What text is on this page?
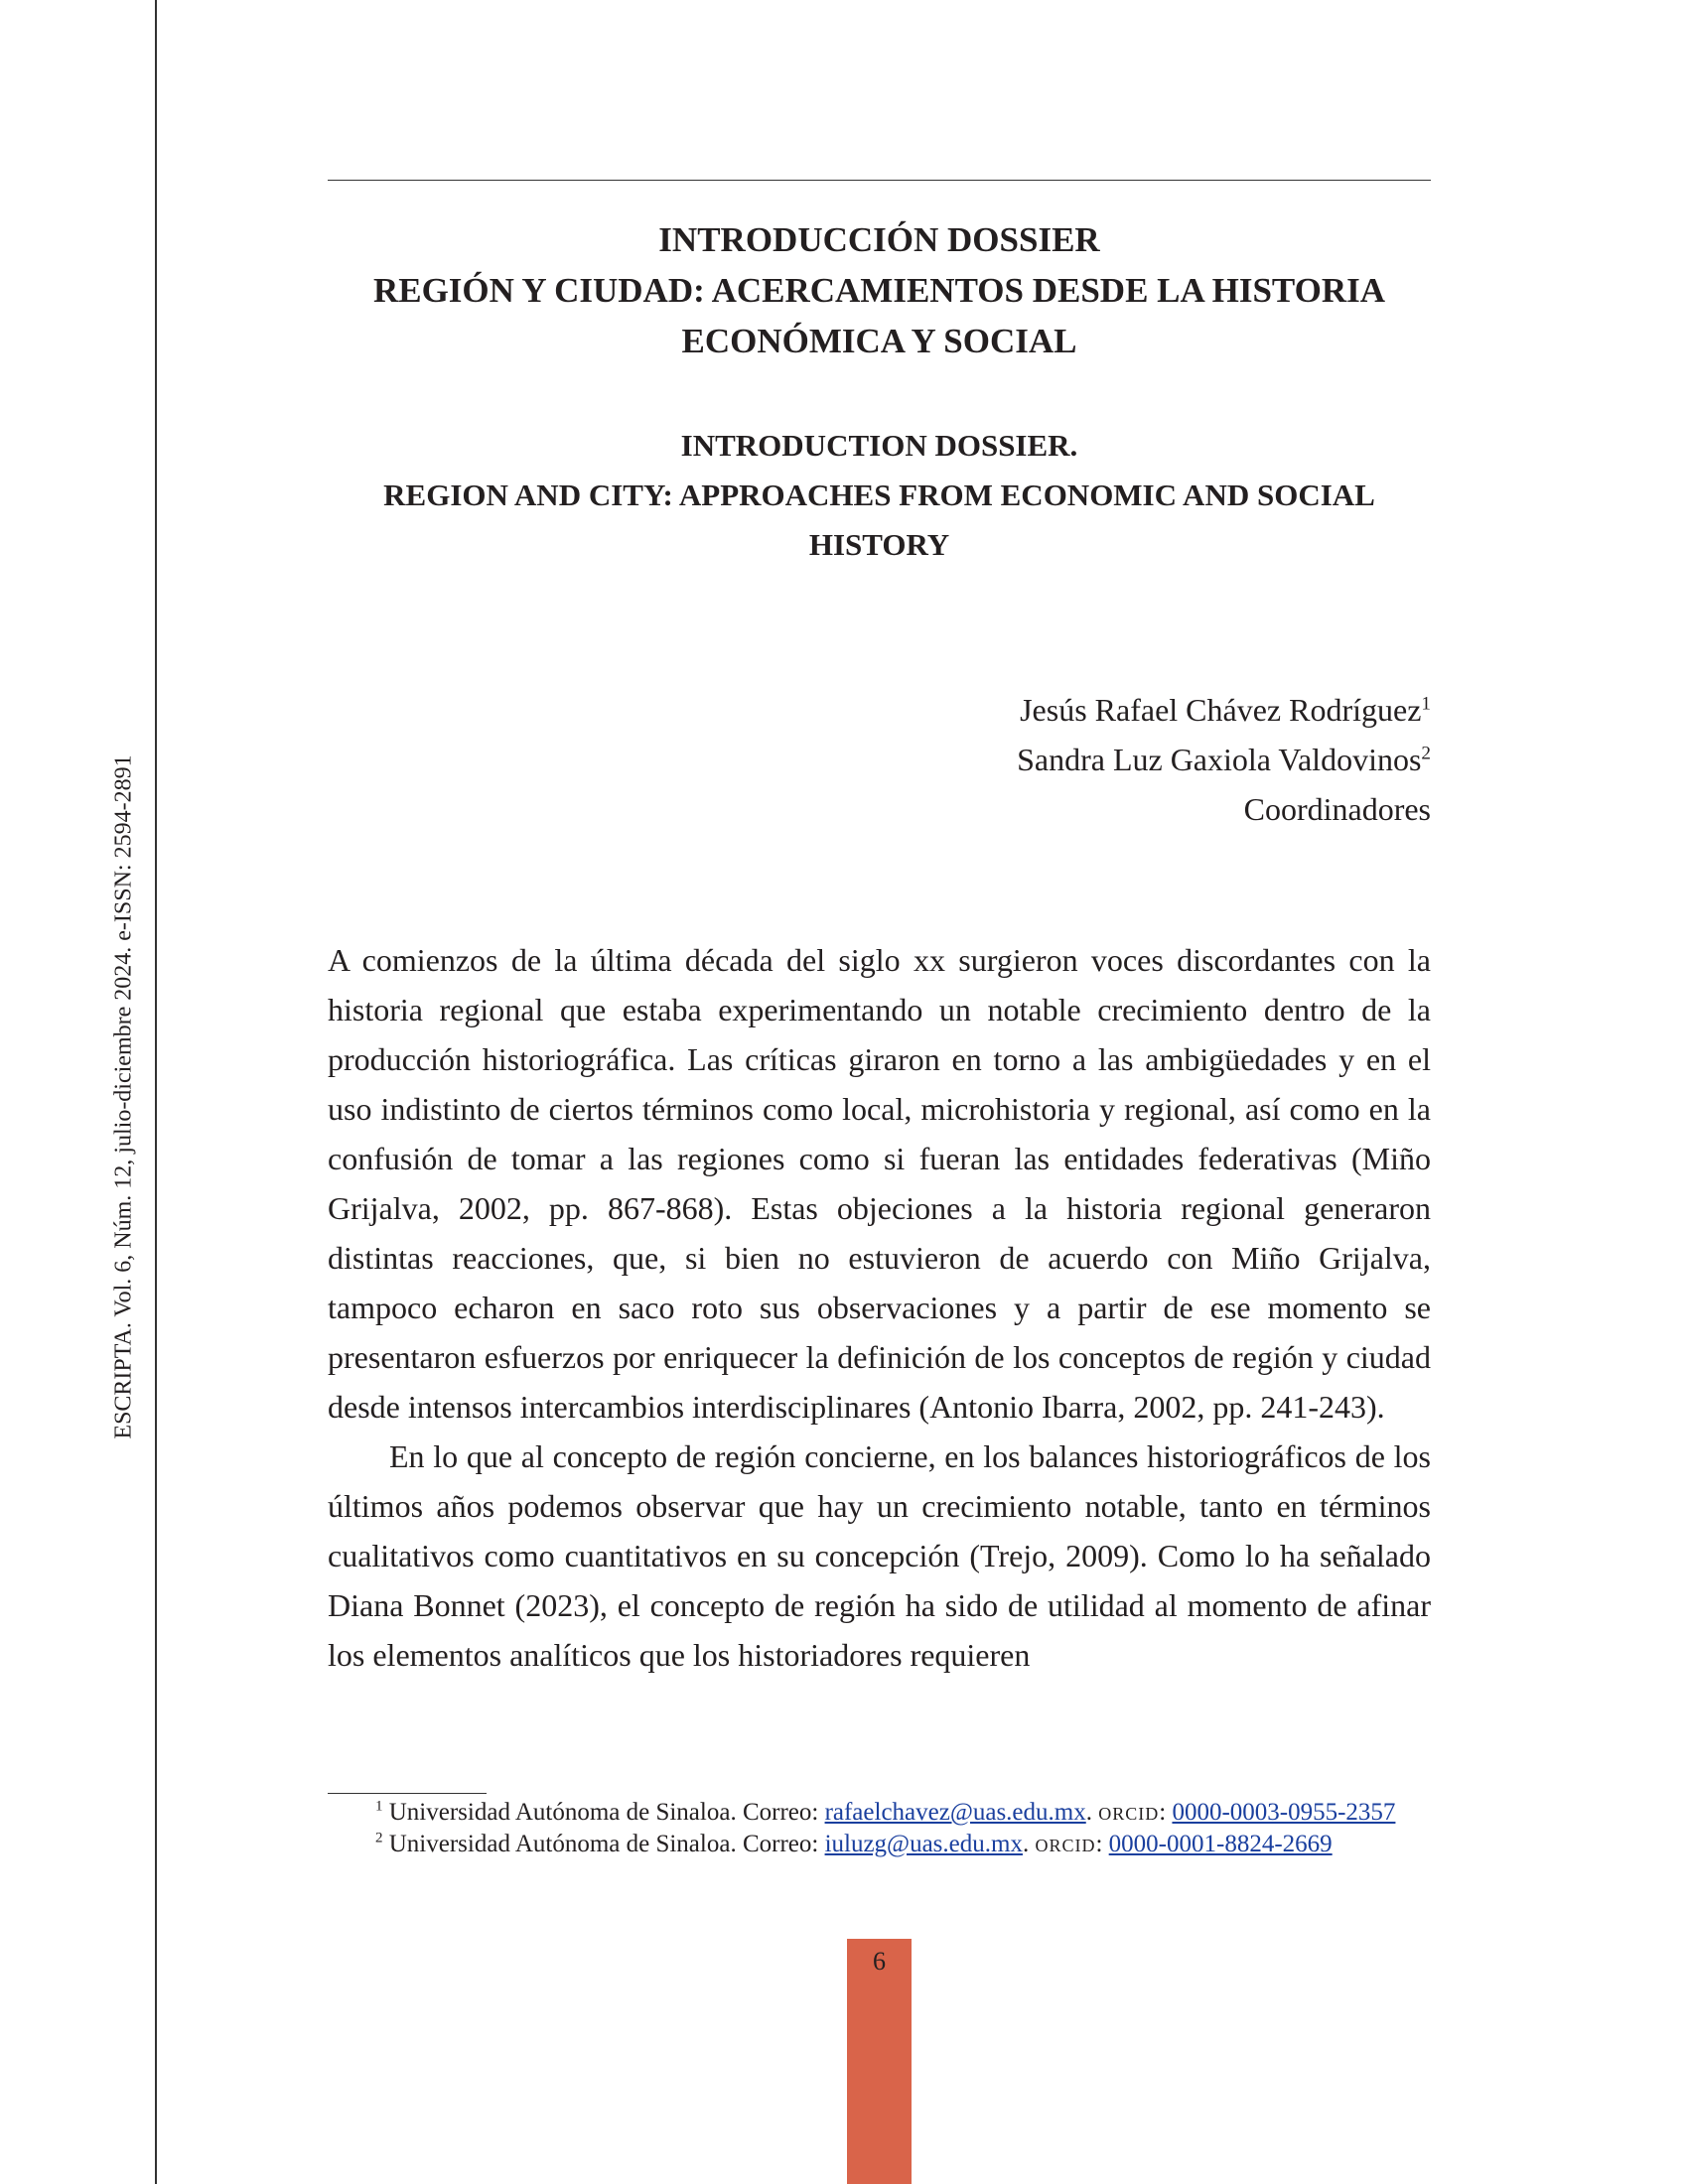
ESCRIPTA. Vol. 6, Núm. 12, julio-diciembre 2024. e-ISSN: 2594-2891
INTRODUCCIÓN DOSSIER
REGIÓN Y CIUDAD: ACERCAMIENTOS DESDE LA HISTORIA
ECONÓMICA Y SOCIAL
INTRODUCTION DOSSIER.
REGION AND CITY: APPROACHES FROM ECONOMIC AND SOCIAL
HISTORY
Jesús Rafael Chávez Rodríguez$^1$
Sandra Luz Gaxiola Valdovinos$^2$
Coordinadores

A comienzos de la última década del siglo xx surgieron voces discordantes con la historia regional que estaba experimentando un notable crecimiento dentro de la producción historiográfica. Las críticas giraron en torno a las ambigüedades y en el uso indistinto de ciertos términos como local, microhistoria y regional, así como en la confusión de tomar a las regiones como si fueran las entidades federativas (Miño Grijalva, 2002, pp. 867-868). Estas objeciones a la historia regional generaron distintas reacciones, que, si bien no estuvieron de acuerdo con Miño Grijalva, tampoco echaron en saco roto sus observaciones y a partir de ese momento se presentaron esfuerzos por enriquecer la definición de los conceptos de región y ciudad desde intensos intercambios interdisciplinares (Antonio Ibarra, 2002, pp. 241-243).

En lo que al concepto de región concierne, en los balances historiográficos de los últimos años podemos observar que hay un crecimiento notable, tanto en términos cualitativos como cuantitativos en su concepción (Trejo, 2009). Como lo ha señalado Diana Bonnet (2023), el concepto de región ha sido de utilidad al momento de afinar los elementos analíticos que los historiadores requieren

$^1$ Universidad Autónoma de Sinaloa. Correo: rafaelchavez@uas.edu.mx. orcid: 0000-0003-0955-2357
$^2$ Universidad Autónoma de Sinaloa. Correo: iuluzg@uas.edu.mx. orcid: 0000-0001-8824-2669
6
